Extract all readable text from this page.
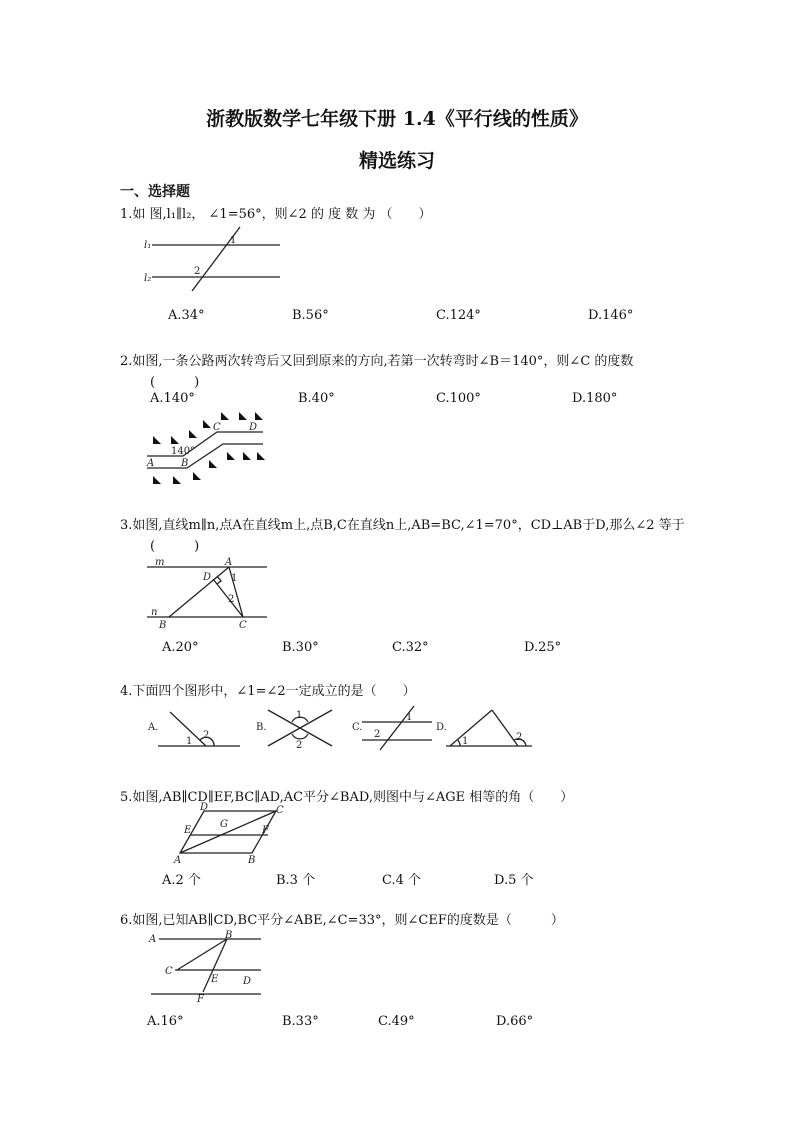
浙教版数学七年级下册 1.4《平行线的性质》
精选练习
一、选择题
1.如 图,l₁∥l₂， ∠1=56°，则∠2 的 度 数 为 （　　）
l₁
l₂
1
2
A.34°	B.56°	C.124°	D.146°
2.如图,一条公路两次转弯后又回到原来的方向,若第一次转弯时∠B＝140°，则∠C 的度数
(　　　)
A.140°	B.40°	C.100°	D.180°
A	B
C	D
140°
3.如图,直线m∥n,点A在直线m上,点B,C在直线n上,AB=BC,∠1=70°，CD⊥AB于D,那么∠2 等于
(　　　)
m
n
A
B	C
D 1
2
A.20°	B.30°	C.32°	D.25°
4.下面四个图形中，∠1=∠2一定成立的是（　　）
A.
1
2
B.
1
2
C.
1
2
D.
1	2
5.如图,AB∥CD∥EF,BC∥AD,AC平分∠BAD,则图中与∠AGE 相等的角（　　）
A	B
C
D
E	F
G
A.2 个	B.3 个	C.4 个	D.5 个
6.如图,已知AB∥CD,BC平分∠ABE,∠C=33°，则∠CEF的度数是（　　　）
A	B
C
D
E
F
A.16°	B.33°	C.49°	D.66°
